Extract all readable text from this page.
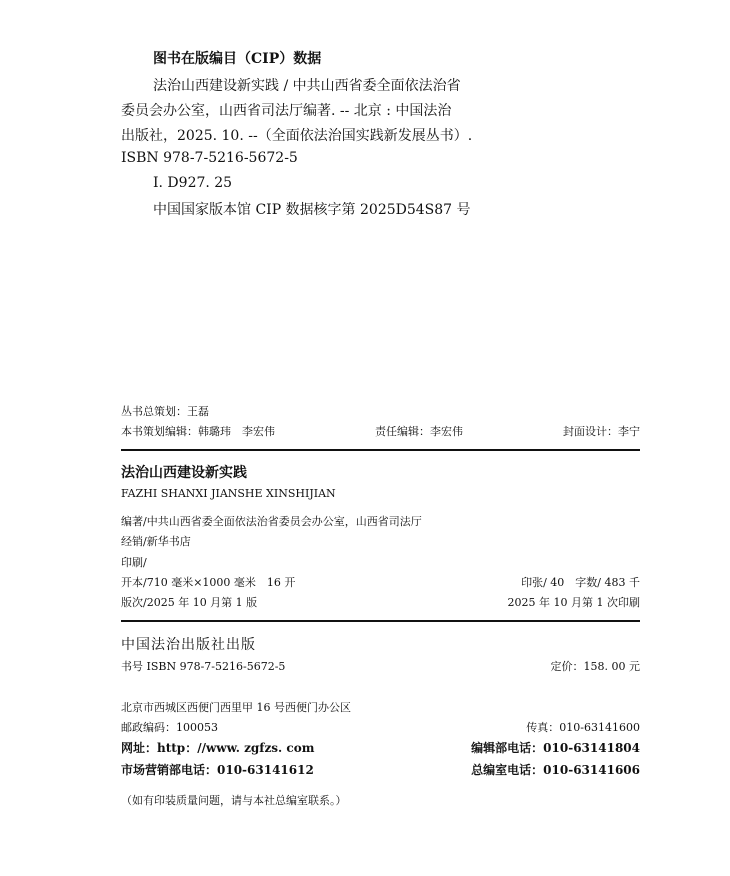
图书在版编目（CIP）数据
法治山西建设新实践 / 中共山西省委全面依法治省
委员会办公室，山西省司法厅编著. -- 北京 : 中国法治
出版社，2025. 10. --（全面依法治国实践新发展丛书）.
ISBN 978-7-5216-5672-5
Ⅰ. D927. 25
中国国家版本馆 CIP 数据核字第 2025D54S87 号
丛书总策划：王磊
本书策划编辑：韩璐玮　李宏伟	责任编辑：李宏伟	封面设计：李宁
法治山西建设新实践
FAZHI SHANXI JIANSHE XINSHIJIAN
编著/中共山西省委全面依法治省委员会办公室，山西省司法厅
经销/新华书店
印刷/
开本/710 毫米×1000 毫米　16 开	印张/ 40　字数/ 483 千
版次/2025 年 10 月第 1 版	2025 年 10 月第 1 次印刷
中国法治出版社出版
书号 ISBN 978-7-5216-5672-5	定价：158. 00 元
北京市西城区西便门西里甲 16 号西便门办公区
邮政编码：100053	传真：010-63141600
网址：http：//www. zgfzs. com	编辑部电话：010-63141804
市场营销部电话：010-63141612	总编室电话：010-63141606
（如有印装质量问题，请与本社总编室联系。）
